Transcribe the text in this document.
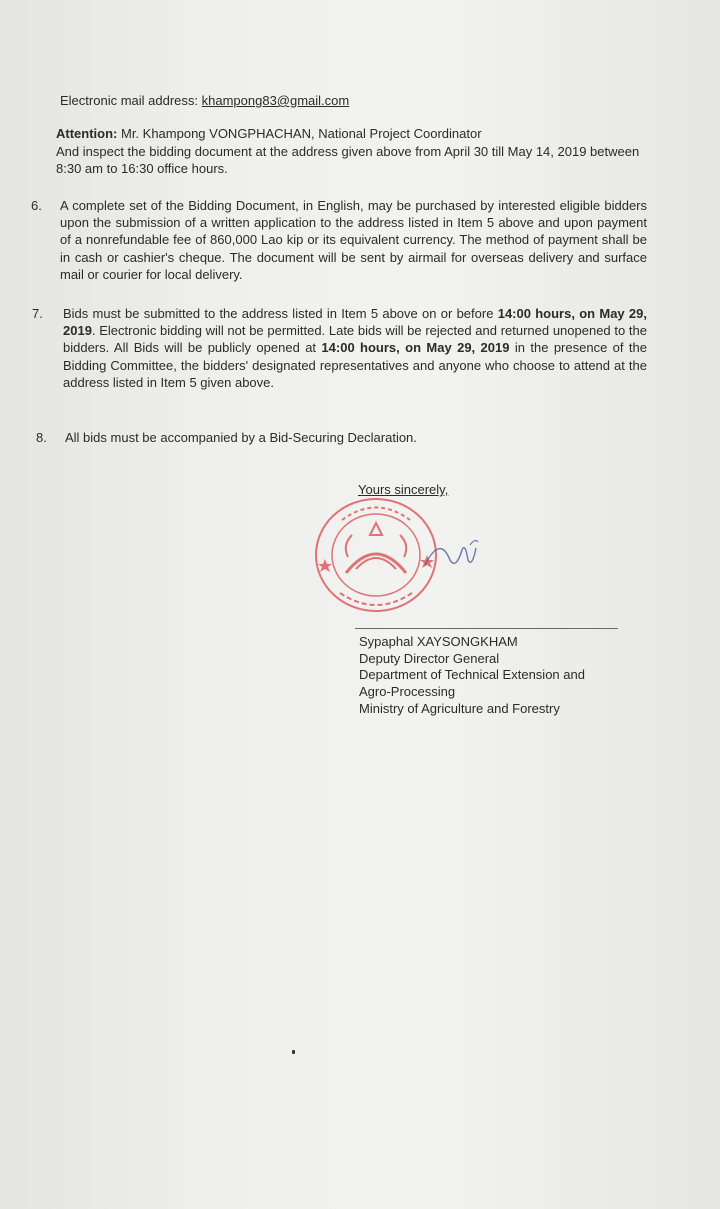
Electronic mail address: khampong83@gmail.com
Attention: Mr. Khampong VONGPHACHAN, National Project Coordinator
And inspect the bidding document at the address given above from April 30 till May 14, 2019 between 8:30 am to 16:30 office hours.
6. A complete set of the Bidding Document, in English, may be purchased by interested eligible bidders upon the submission of a written application to the address listed in Item 5 above and upon payment of a nonrefundable fee of 860,000 Lao kip or its equivalent currency. The method of payment shall be in cash or cashier's cheque. The document will be sent by airmail for overseas delivery and surface mail or courier for local delivery.
7. Bids must be submitted to the address listed in Item 5 above on or before 14:00 hours, on May 29, 2019. Electronic bidding will not be permitted. Late bids will be rejected and returned unopened to the bidders. All Bids will be publicly opened at 14:00 hours, on May 29, 2019 in the presence of the Bidding Committee, the bidders' designated representatives and anyone who choose to attend at the address listed in Item 5 given above.
8. All bids must be accompanied by a Bid-Securing Declaration.
Yours sincerely,
Sypaphal XAYSONGKHAM
Deputy Director General
Department of Technical Extension and
Agro-Processing
Ministry of Agriculture and Forestry
